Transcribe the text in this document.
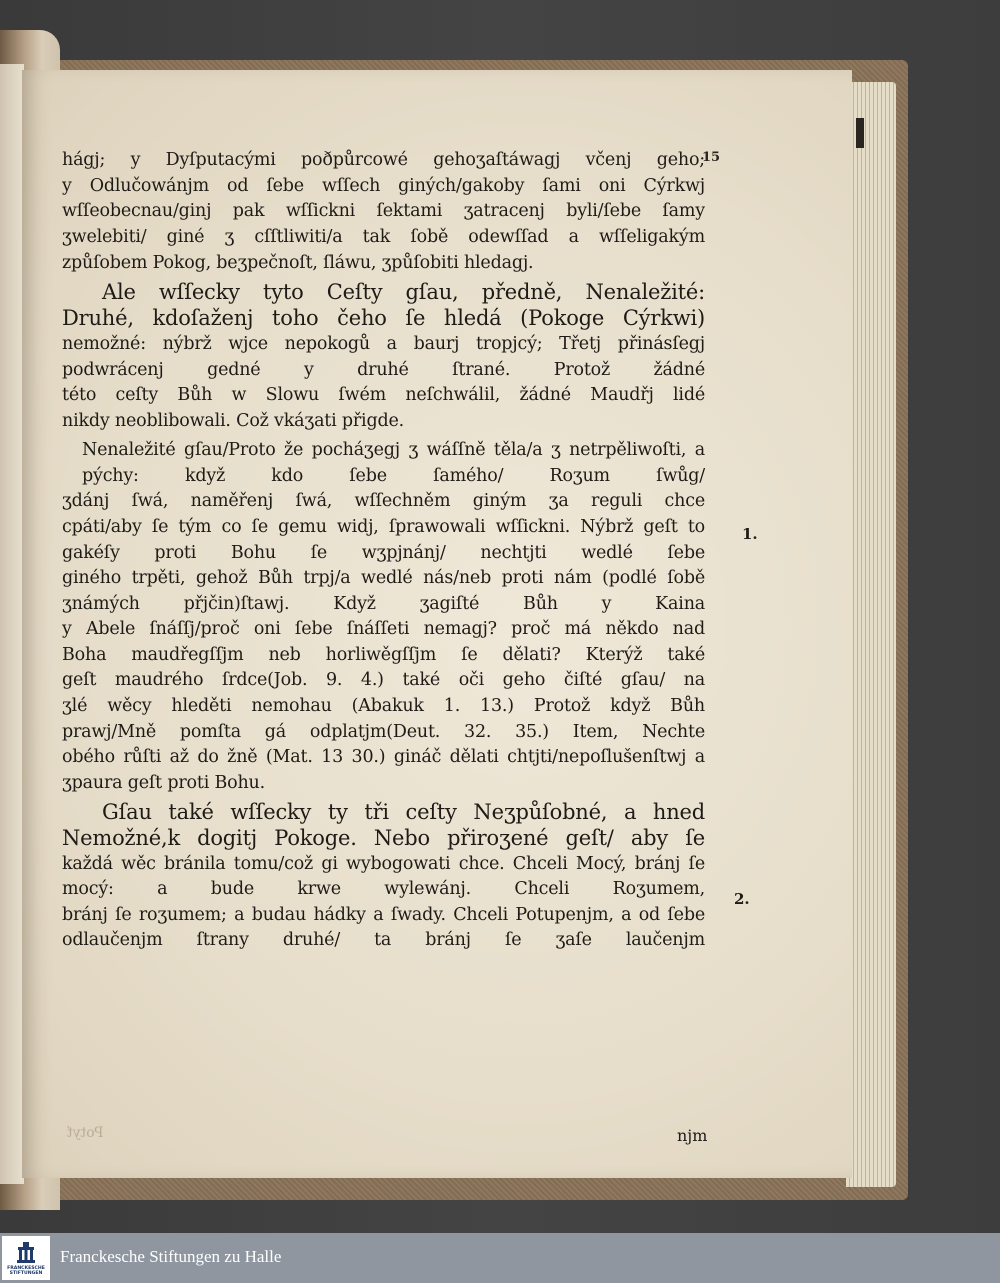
15
hágj; y Dyſputacými poðpůrcowé gehoʒaſtáwagj včenj geho;
y Odlučowánjm od ſebe wſſech giných/gakoby ſami oni Cýrkwj
wſſeobecnau/ginj pak wſſickni ſektami ʒatracenj byli/ſebe ſamy
ʒwelebiti/ giné ʒ cſſtliwiti/a tak ſobě odewſſad a wſſeligakým
způſobem Pokog, beʒpečnoſt, ſláwu, ʒpůſobiti hledagj.
Ale wſſecky tyto Ceſty gſau, předně, Nenaležité:
Druhé, kdoſaženj toho čeho ſe hledá (Pokoge Cýrkwi)
nemožné: nýbrž wjce nepokogů a baurj tropjcý; Třetj přinásſegj podwrácenj gedné y druhé ſtrané. Protož žádné
této ceſty Bůh w Slowu ſwém neſchwálil, žádné Maudřj lidé
nikdy neoblibowali. Což vkáʒati přigde.
Nenaležité gſau/Proto že pocháʒegj ʒ wáſſně těla/a ʒ netrpěliwoſti, a pýchy: když kdo ſebe ſamého/ Roʒum ſwůg/
ʒdánj ſwá, naměřenj ſwá, wſſechněm giným ʒa reguli chce
cpáti/aby ſe tým co ſe gemu widj, ſprawowali wſſickni. Nýbrž geſt to gakéſy proti Bohu ſe wʒpjnánj/ nechtjti wedlé ſebe
giného trpěti, gehož Bůh trpj/a wedlé nás/neb proti nám (podlé ſobě ʒnámých přjčin)ſtawj. Když ʒagiſté Bůh y Kaina
y Abele ſnáſſj/proč oni ſebe ſnáſſeti nemagj? proč má někdo nad
Boha maudřegſſjm neb horliwěgſſjm ſe dělati? Kterýž také
geſt maudrého ſrdce(Job. 9. 4.) také oči geho čiſté gſau/ na
ʒlé wěcy hleděti nemohau (Abakuk 1. 13.) Protož když Bůh
prawj/Mně pomſta gá odplatjm(Deut. 32. 35.) Item, Nechte
obého růſti až do žně (Mat. 13 30.) gináč dělati chtjti/nepoſlušenſtwj a ʒpaura geſt proti Bohu.
Gſau také wſſecky ty tři ceſty Neʒpůſobné, a hned
Nemožné,k dogitj Pokoge. Nebo přiroʒené geſt/ aby ſe
každá wěc bránila tomu/což gi wybogowati chce. Chceli Mocý, bránj ſe mocý: a bude krwe wylewánj. Chceli Roʒumem,
bránj ſe roʒumem; a budau hádky a ſwady. Chceli Potupenjm, a od ſebe odlaučenjm ſtrany druhé/ ta bránj ſe ʒaſe laučenjm
njm
1.
2.
Potyť
FRANCKESCHE STIFTUNGEN
Franckesche Stiftungen zu Halle
